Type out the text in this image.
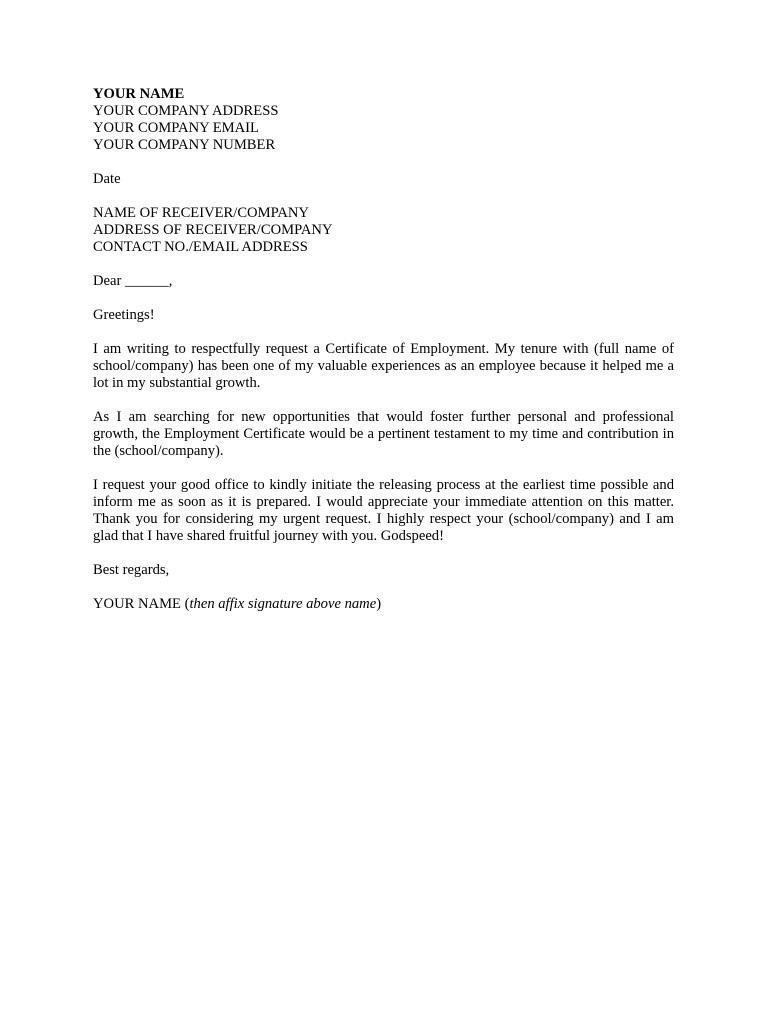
YOUR NAME
YOUR COMPANY ADDRESS
YOUR COMPANY EMAIL
YOUR COMPANY NUMBER
Date
NAME OF RECEIVER/COMPANY
ADDRESS OF RECEIVER/COMPANY
CONTACT NO./EMAIL ADDRESS
Dear ______,
Greetings!

I am writing to respectfully request a Certificate of Employment. My tenure with (full name of school/company) has been one of my valuable experiences as an employee because it helped me a lot in my substantial growth.

As I am searching for new opportunities that would foster further personal and professional growth, the Employment Certificate would be a pertinent testament to my time and contribution in the (school/company).

I request your good office to kindly initiate the releasing process at the earliest time possible and inform me as soon as it is prepared. I would appreciate your immediate attention on this matter. Thank you for considering my urgent request. I highly respect your (school/company) and I am glad that I have shared fruitful journey with you. Godspeed!

Best regards,
YOUR NAME (then affix signature above name)
